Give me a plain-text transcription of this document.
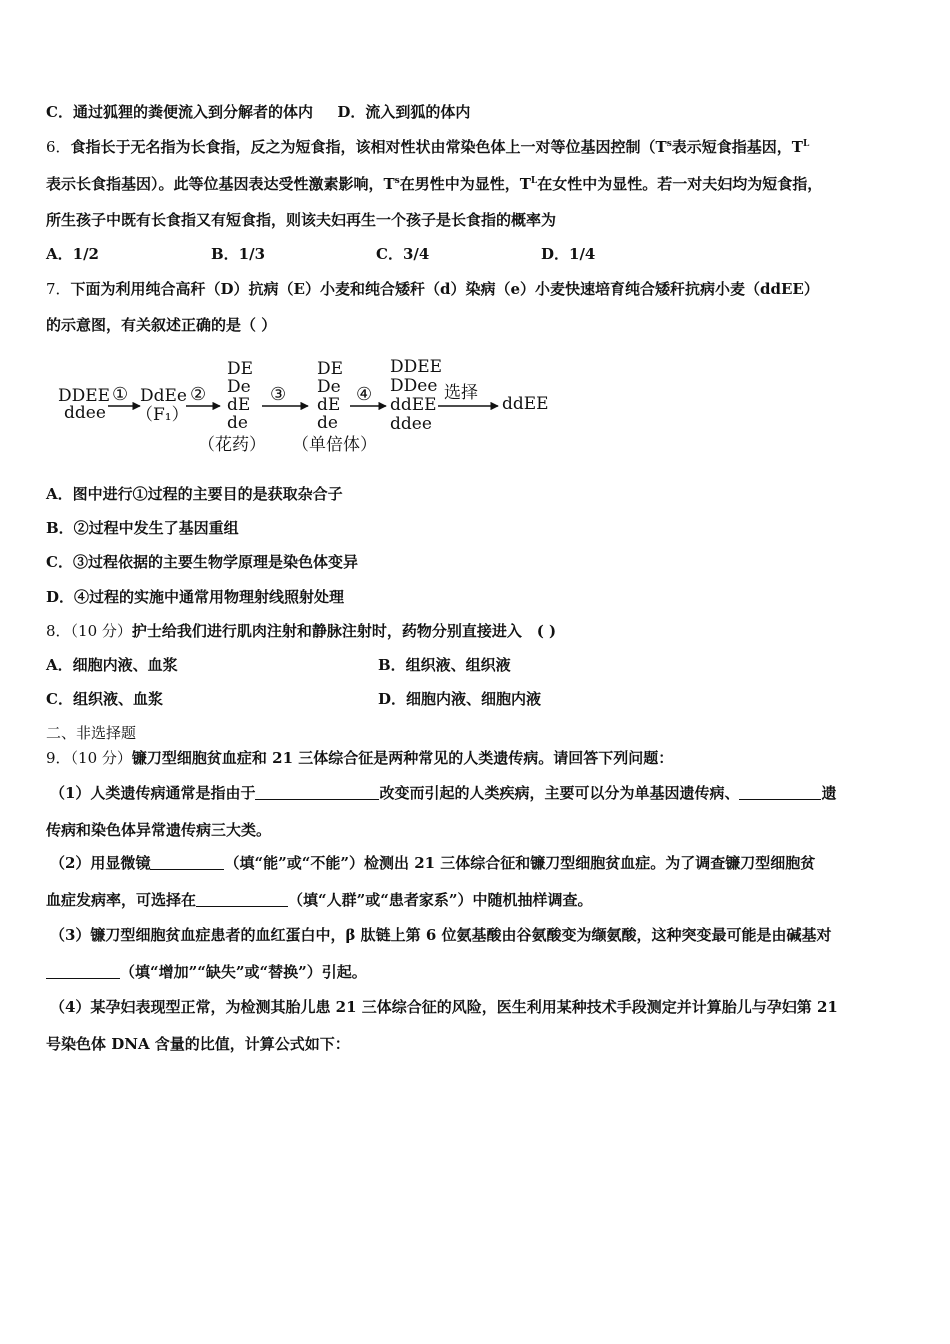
C．通过狐狸的粪便流入到分解者的体内 D．流入到狐的体内
6．食指长于无名指为长食指，反之为短食指，该相对性状由常染色体上一对等位基因控制（$T^s$表示短食指基因，$T^L$
表示长食指基因）。此等位基因表达受性激素影响，$T^s$在男性中为显性，$T^L$在女性中为显性。若一对夫妇均为短食指，
所生孩子中既有长食指又有短食指，则该夫妇再生一个孩子是长食指的概率为
A．1/2	B．1/3	C．3/4	D．1/4
7．下面为利用纯合高秆（D）抗病（E）小麦和纯合矮秆（d）染病（e）小麦快速培育纯合矮秆抗病小麦（ddEE）
的示意图，有关叙述正确的是（ ）
DDEE
ddee
① DdEe
（F₁）
②
DE
De
dE
de
（花药）
③
DE
De
dE
de
（单倍体）
④
DDEE
DDee
ddEE
ddee
选择
ddEE
A．图中进行①过程的主要目的是获取杂合子
B．②过程中发生了基因重组
C．③过程依据的主要生物学原理是染色体变异
D．④过程的实施中通常用物理射线照射处理
8．（10 分）护士给我们进行肌肉注射和静脉注射时，药物分别直接进入 ( )
A．细胞内液、血浆	B．组织液、组织液
C．组织液、血浆	D．细胞内液、细胞内液
二、非选择题
9．（10 分）镰刀型细胞贫血症和 21 三体综合征是两种常见的人类遗传病。请回答下列问题：
（1）人类遗传病通常是指由于	改变而引起的人类疾病，主要可以分为单基因遗传病、	遗
传病和染色体异常遗传病三大类。
（2）用显微镜	（填“能”或“不能”）检测出 21 三体综合征和镰刀型细胞贫血症。为了调查镰刀型细胞贫
血症发病率，可选择在	（填“人群”或“患者家系”）中随机抽样调查。
（3）镰刀型细胞贫血症患者的血红蛋白中，β 肽链上第 6 位氨基酸由谷氨酸变为缬氨酸，这种突变最可能是由碱基对
（填“增加”“缺失”或“替换”）引起。
（4）某孕妇表现型正常，为检测其胎儿患 21 三体综合征的风险，医生利用某种技术手段测定并计算胎儿与孕妇第 21
号染色体 DNA 含量的比值，计算公式如下：
